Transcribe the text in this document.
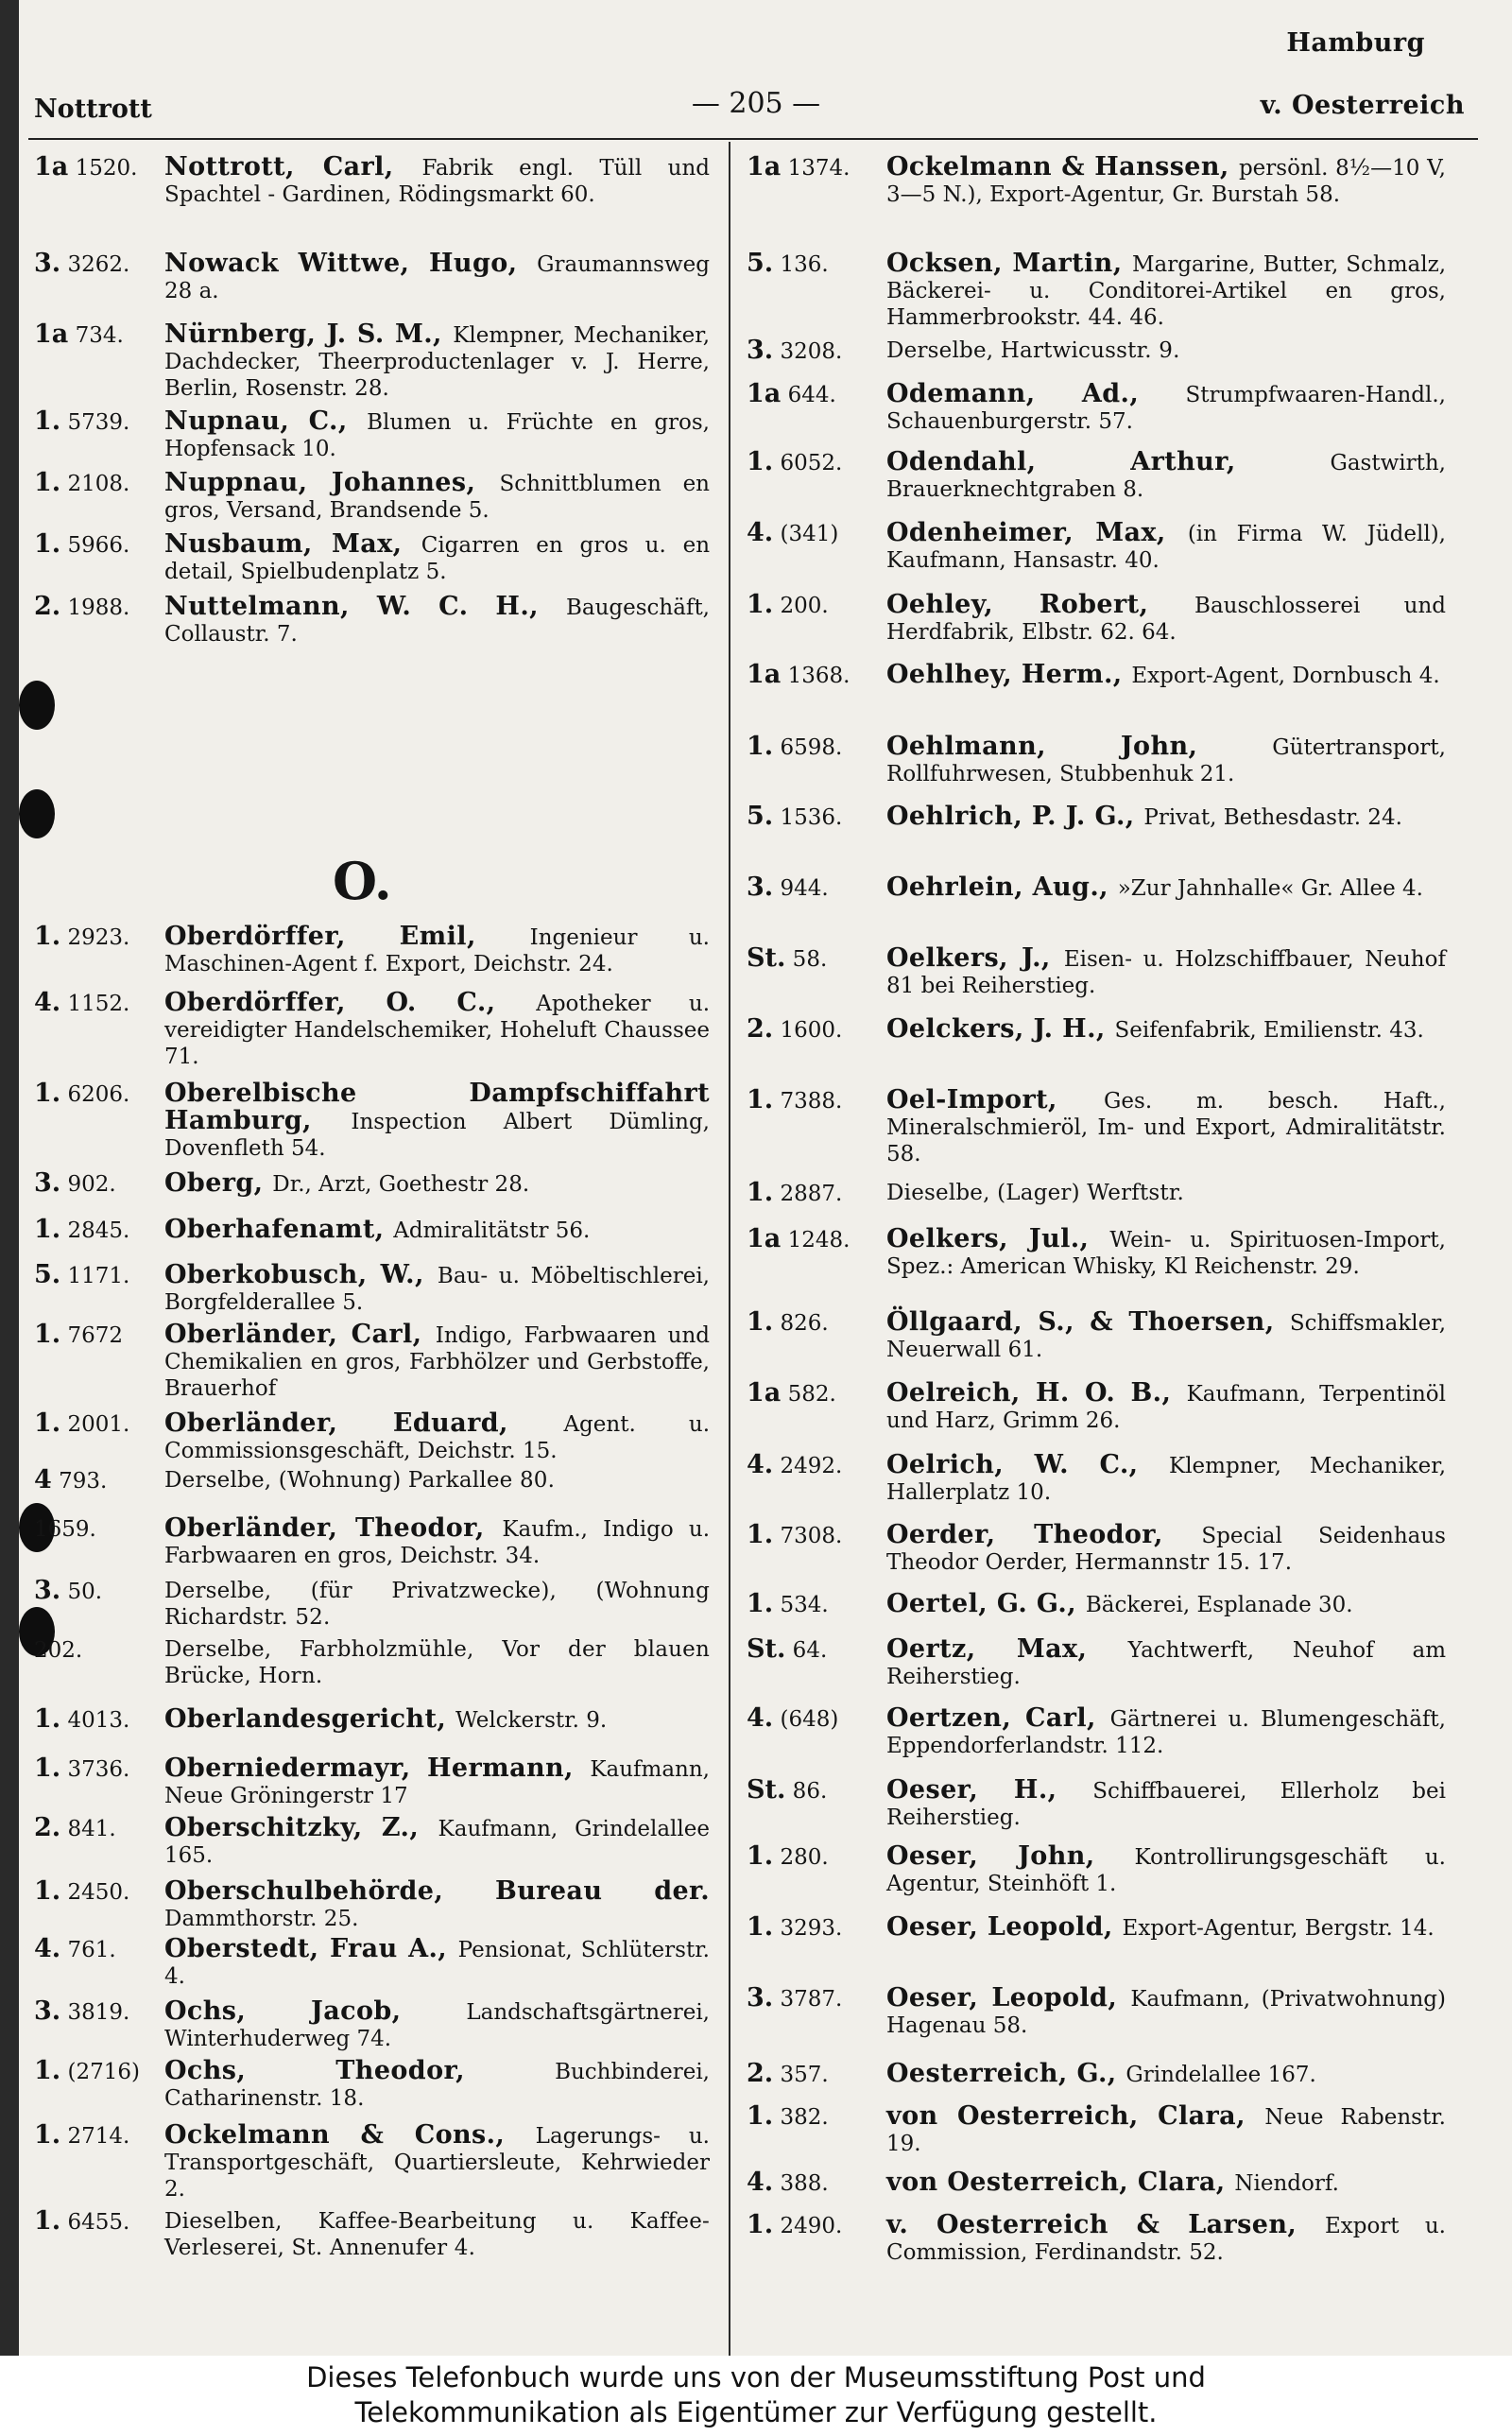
Hamburg
Nottrott	— 205 —	v. Oesterreich
O.
1a 1520. Nottrott, Carl, Fabrik engl. Tüll und Spachtel - Gardinen, Rödingsmarkt 60.
3. 3262. Nowack Wittwe, Hugo, Graumannsweg 28 a.
1a 734. Nürnberg, J. S. M., Klempner, Mechaniker, Dachdecker, Theerproductenlager v. J. Herre, Berlin, Rosenstr. 28.
1. 5739. Nupnau, C., Blumen u. Früchte en gros, Hopfensack 10.
1. 2108. Nuppnau, Johannes, Schnittblumen en gros, Versand, Brandsende 5.
1. 5966. Nusbaum, Max, Cigarren en gros u. en detail, Spielbudenplatz 5.
2. 1988. Nuttelmann, W. C. H., Baugeschäft, Collaustr. 7.
1. 2923. Oberdörffer, Emil, Ingenieur u. Maschinen-Agent f. Export, Deichstr. 24.
4. 1152. Oberdörffer, O. C., Apotheker u. vereidigter Handelschemiker, Hoheluft Chaussee 71.
1. 6206. Oberelbische Dampfschiffahrt Hamburg, Inspection Albert Dümling, Dovenfleth 54.
3. 902. Oberg, Dr., Arzt, Goethestr 28.
1. 2845. Oberhafenamt, Admiralitätstr 56.
5. 1171. Oberkobusch, W., Bau- u. Möbeltischlerei, Borgfelderallee 5.
1. 7672 Oberländer, Carl, Indigo, Farbwaaren und Chemikalien en gros, Farbhölzer und Gerbstoffe, Brauerhof
1. 2001. Oberländer, Eduard, Agent. u. Commissionsgeschäft, Deichstr. 15.
4 793.	Derselbe, (Wohnung) Parkallee 80.
1659.	Oberländer, Theodor, Kaufm., Indigo u. Farbwaaren en gros, Deichstr. 34.
3. 50.	Derselbe, (für Privatzwecke), (Wohnung Richardstr. 52.
202.	Derselbe, Farbholzmühle, Vor der blauen Brücke, Horn.
1. 4013. Oberlandesgericht, Welckerstr. 9.
1. 3736. Oberniedermayr, Hermann, Kaufmann, Neue Gröningerstr 17
2. 841. Oberschitzky, Z., Kaufmann, Grindelallee 165.
1. 2450. Oberschulbehörde, Bureau der. Dammthorstr. 25.
4. 761. Oberstedt, Frau A., Pensionat, Schlüterstr. 4.
3. 3819. Ochs, Jacob, Landschaftsgärtnerei, Winterhuderweg 74.
1. (2716) Ochs, Theodor, Buchbinderei, Catharinenstr. 18.
1. 2714. Ockelmann & Cons., Lagerungs- u. Transportgeschäft, Quartiersleute, Kehrwieder 2.
1. 6455. Dieselben, Kaffee-Bearbeitung u. Kaffee-Verleserei, St. Annenufer 4.
1a 1374. Ockelmann & Hanssen, persönl. 8½—10 V, 3—5 N.), Export-Agentur, Gr. Burstah 58.
5. 136. Ocksen, Martin, Margarine, Butter, Schmalz, Bäckerei- u. Conditorei-Artikel en gros, Hammerbrookstr. 44. 46.
3. 3208. Derselbe, Hartwicusstr. 9.
1a 644. Odemann, Ad., Strumpfwaaren-Handl., Schauenburgerstr. 57.
1. 6052. Odendahl, Arthur, Gastwirth, Brauerknechtgraben 8.
4. (341) Odenheimer, Max, (in Firma W. Jüdell), Kaufmann, Hansastr. 40.
1. 200. Oehley, Robert, Bauschlosserei und Herdfabrik, Elbstr. 62. 64.
1a 1368. Oehlhey, Herm., Export-Agent, Dornbusch 4.
1. 6598. Oehlmann, John, Gütertransport, Rollfuhrwesen, Stubbenhuk 21.
5. 1536. Oehlrich, P. J. G., Privat, Bethesdastr. 24.
3. 944. Oehrlein, Aug., »Zur Jahnhalle« Gr. Allee 4.
St. 58. Oelkers, J., Eisen- u. Holzschiffbauer, Neuhof 81 bei Reiherstieg.
2. 1600. Oelckers, J. H., Seifenfabrik, Emilienstr. 43.
1. 7388. Oel-Import, Ges. m. besch. Haft., Mineralschmieröl, Im- und Export, Admiralitätstr. 58.
1. 2887. Dieselbe, (Lager) Werftstr.
1a 1248. Oelkers, Jul., Wein- u. Spirituosen-Import, Spez.: American Whisky, Kl Reichenstr. 29.
1. 826. Öllgaard, S., & Thoersen, Schiffsmakler, Neuerwall 61.
1a 582. Oelreich, H. O. B., Kaufmann, Terpentinöl und Harz, Grimm 26.
4. 2492. Oelrich, W. C., Klempner, Mechaniker, Hallerplatz 10.
1. 7308. Oerder, Theodor, Special Seidenhaus Theodor Oerder, Hermannstr 15. 17.
1. 534. Oertel, G. G., Bäckerei, Esplanade 30.
St. 64. Oertz, Max, Yachtwerft, Neuhof am Reiherstieg.
4. (648) Oertzen, Carl, Gärtnerei u. Blumengeschäft, Eppendorferlandstr. 112.
St. 86. Oeser, H., Schiffbauerei, Ellerholz bei Reiherstieg.
1. 280. Oeser, John, Kontrollirungsgeschäft u. Agentur, Steinhöft 1.
1. 3293. Oeser, Leopold, Export-Agentur, Bergstr. 14.
3. 3787. Oeser, Leopold, Kaufmann, (Privatwohnung) Hagenau 58.
2. 357. Oesterreich, G., Grindelallee 167.
1. 382. von Oesterreich, Clara, Neue Rabenstr. 19.
4. 388. von Oesterreich, Clara, Niendorf.
1. 2490. v. Oesterreich & Larsen, Export u. Commission, Ferdinandstr. 52.
Dieses Telefonbuch wurde uns von der Museumsstiftung Post und
Telekommunikation als Eigentümer zur Verfügung gestellt.
